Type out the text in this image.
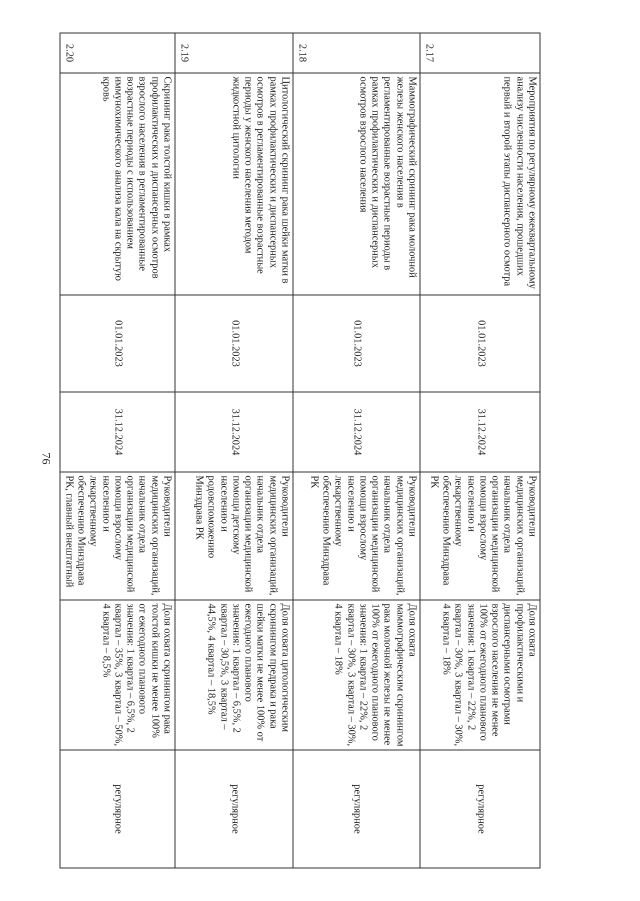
76
2.17	Мероприятия по регулярному ежеквартальному анализу численности населения, прошедших первый и второй этапы диспансерного осмотра	01.01.2023	31.12.2024	Руководители медицинских организаций, начальник отдела организации медицинской помощи взрослому населению и лекарственному обеспечению Минздрава РК	Доля охвата профилактическими и диспансерными осмотрами взрослого населения не менее 100% от ежегодного планового значения: 1 квартал – 22%, 2 квартал – 30%, 3 квартал – 30%, 4 квартал – 18%	регулярное
2.18	Маммографический скрининг рака молочной железы женского населения в регламентированные возрастные периоды в рамках профилактических и диспансерных осмотров взрослого населения	01.01.2023	31.12.2024	Руководители медицинских организаций, начальник отдела организации медицинской помощи взрослому населению и лекарственному обеспечению Минздрава РК	Доля охвата маммографическим скринингом рака молочной железы не менее 100% от ежегодного планового значения: 1 квартал – 22%, 2 квартал – 30%, 3 квартал – 30%, 4 квартал – 18%	регулярное
2.19	Цитологический скрининг рака шейки матки в рамках профилактических и диспансерных осмотров в регламентированные возрастные периоды у женского населения методом жидкостной цитологии	01.01.2023	31.12.2024	Руководители медицинских организаций, начальник отдела организации медицинской помощи детскому населению и родовспоможению Минздрава РК	Доля охвата цитологическим скринингом предрака и рака шейки матки не менее 100% от ежегодного планового значения: 1 квартал – 6,5%, 2 квартал – 30,5%, 3 квартал – 44,5%, 4 квартал – 18,5%	регулярное
2.20	Скрининг рака толстой кишки в рамках профилактических и диспансерных осмотров взрослого населения в регламентированные возрастные периоды с использованием иммунохимического анализа кала на скрытую кровь	01.01.2023	31.12.2024	Руководители медицинских организаций, начальник отдела организации медицинской помощи взрослому населению и лекарственному обеспечению Минздрава РК, главный внештатный	Доля охвата скринингом рака толстой кишки не менее 100% от ежегодного планового значения: 1 квартал – 6,5%, 2 квартал – 35%, 3 квартал – 50%, 4 квартал – 8,5%	регулярное
